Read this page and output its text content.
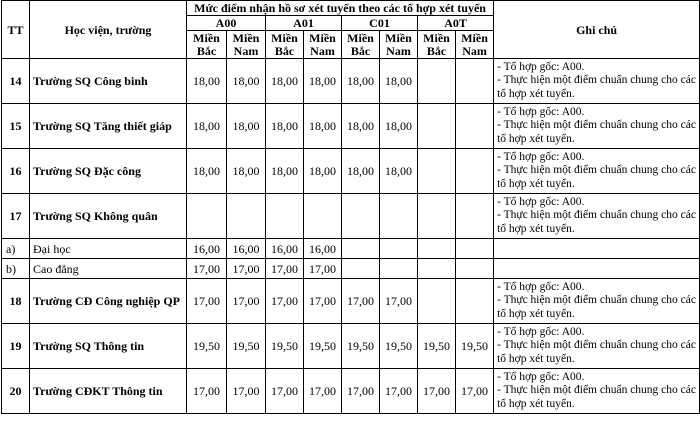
TT	Học viện, trường	Mức điểm nhận hồ sơ xét tuyển theo các tổ hợp xét tuyển								Ghi chú
		A00		A01		C01		A0T		
		Miền Bắc	Miền Nam	Miền Bắc	Miền Nam	Miền Bắc	Miền Nam	Miền Bắc	Miền Nam	
14	Trường SQ Công binh	18,00	18,00	18,00	18,00	18,00	18,00			- Tổ hợp gốc: A00.
- Thực hiện một điểm chuẩn chung cho các tổ hợp xét tuyển.

15	Trường SQ Tăng thiết giáp	18,00	18,00	18,00	18,00	18,00	18,00			- Tổ hợp gốc: A00.
- Thực hiện một điểm chuẩn chung cho các tổ hợp xét tuyển.

16	Trường SQ Đặc công	18,00	18,00	18,00	18,00	18,00	18,00			- Tổ hợp gốc: A00.
- Thực hiện một điểm chuẩn chung cho các tổ hợp xét tuyển.

17	Trường SQ Không quân									- Tổ hợp gốc: A00.
- Thực hiện một điểm chuẩn chung cho các tổ hợp xét tuyển.

a)	Đại học	16,00	16,00	16,00	16,00					
b)	Cao đẳng	17,00	17,00	17,00	17,00					
18	Trường CĐ Công nghiệp QP	17,00	17,00	17,00	17,00	17,00	17,00			- Tổ hợp gốc: A00.
- Thực hiện một điểm chuẩn chung cho các tổ hợp xét tuyển.

19	Trường SQ Thông tin	19,50	19,50	19,50	19,50	19,50	19,50	19,50	19,50	- Tổ hợp gốc: A00.
- Thực hiện một điểm chuẩn chung cho các tổ hợp xét tuyển.

20	Trường CĐKT Thông tin	17,00	17,00	17,00	17,00	17,00	17,00	17,00	17,00	- Tổ hợp gốc: A00.
- Thực hiện một điểm chuẩn chung cho các tổ hợp xét tuyển.
